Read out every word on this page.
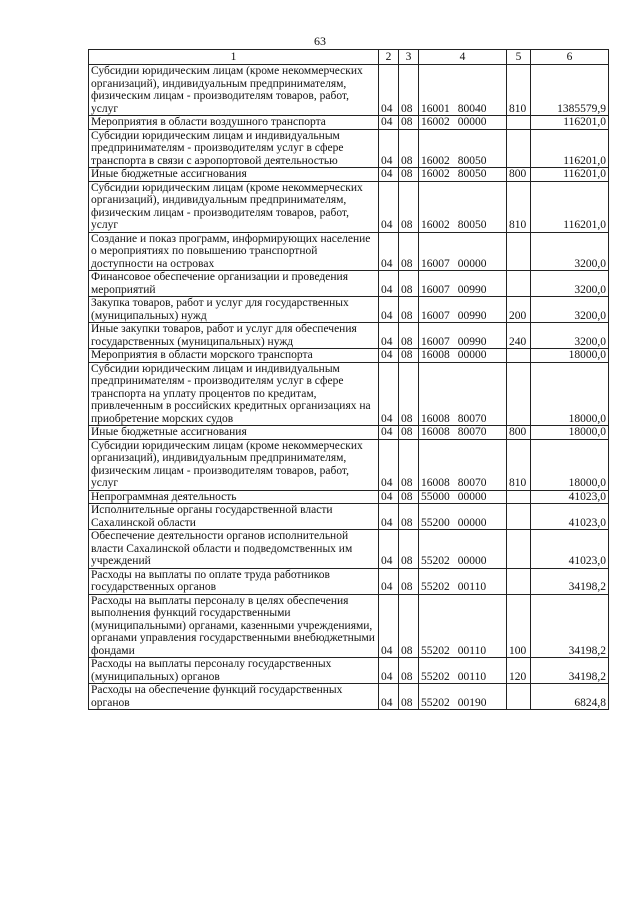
63
1	2	3	4	5	6
Субсидии юридическим лицам (кроме некоммерческих организаций), индивидуальным предпринимателям, физическим лицам - производителям товаров, работ, услуг	04	08	16001 80040	810	1385579,9
Мероприятия в области воздушного транспорта	04	08	16002 00000		116201,0
Субсидии юридическим лицам и индивидуальным предпринимателям - производителям услуг в сфере транспорта в связи с аэропортовой деятельностью	04	08	16002 80050		116201,0
Иные бюджетные ассигнования	04	08	16002 80050	800	116201,0
Субсидии юридическим лицам (кроме некоммерческих организаций), индивидуальным предпринимателям, физическим лицам - производителям товаров, работ, услуг	04	08	16002 80050	810	116201,0
Создание и показ программ, информирующих население о мероприятиях по повышению транспортной доступности на островах	04	08	16007 00000		3200,0
Финансовое обеспечение организации и проведения мероприятий	04	08	16007 00990		3200,0
Закупка товаров, работ и услуг для государственных (муниципальных) нужд	04	08	16007 00990	200	3200,0
Иные закупки товаров, работ и услуг для обеспечения государственных (муниципальных) нужд	04	08	16007 00990	240	3200,0
Мероприятия в области морского транспорта	04	08	16008 00000		18000,0
Субсидии юридическим лицам и индивидуальным предпринимателям - производителям услуг в сфере транспорта на уплату процентов по кредитам, привлеченным в российских кредитных организациях на приобретение морских судов	04	08	16008 80070		18000,0
Иные бюджетные ассигнования	04	08	16008 80070	800	18000,0
Субсидии юридическим лицам (кроме некоммерческих организаций), индивидуальным предпринимателям, физическим лицам - производителям товаров, работ, услуг	04	08	16008 80070	810	18000,0
Непрограммная деятельность	04	08	55000 00000		41023,0
Исполнительные органы государственной власти Сахалинской области	04	08	55200 00000		41023,0
Обеспечение деятельности органов исполнительной власти Сахалинской области и подведомственных им учреждений	04	08	55202 00000		41023,0
Расходы на выплаты по оплате труда работников государственных органов	04	08	55202 00110		34198,2
Расходы на выплаты персоналу в целях обеспечения выполнения функций государственными (муниципальными) органами, казенными учреждениями, органами управления государственными внебюджетными фондами	04	08	55202 00110	100	34198,2
Расходы на выплаты персоналу государственных (муниципальных) органов	04	08	55202 00110	120	34198,2
Расходы на обеспечение функций государственных органов	04	08	55202 00190		6824,8
